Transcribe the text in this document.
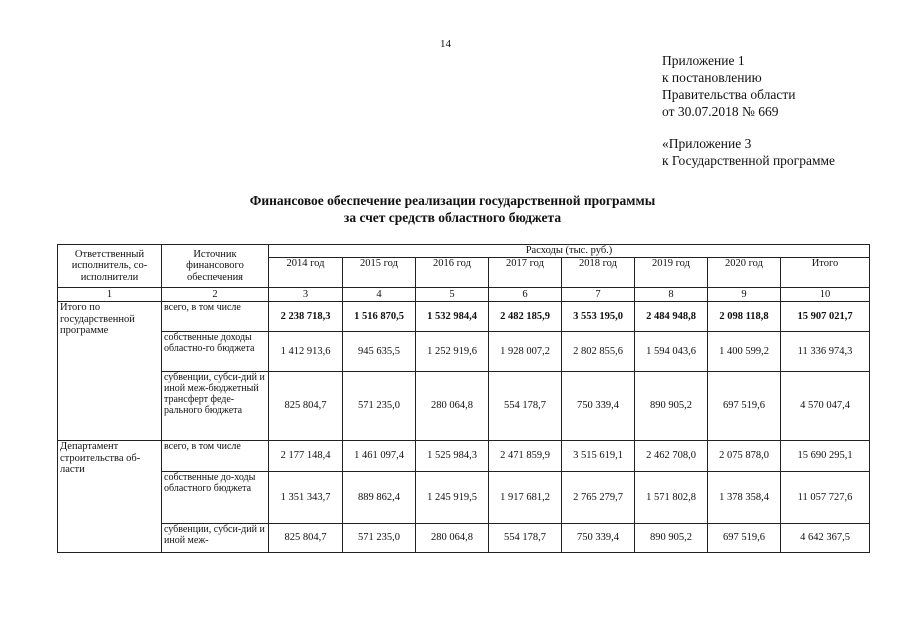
14
Приложение 1
к постановлению
Правительства области
от 30.07.2018 № 669
«Приложение 3
к Государственной программе
Финансовое обеспечение реализации государственной программы
за счет средств областного бюджета
Ответственный исполнитель, со-исполнители	Источник финансового обеспечения	Расходы (тыс. руб.)							
		2014 год	2015 год	2016 год	2017 год	2018 год	2019 год	2020 год	Итого
1	2	3	4	5	6	7	8	9	10
Итого по государственной программе	всего, в том числе	2 238 718,3	1 516 870,5	1 532 984,4	2 482 185,9	3 553 195,0	2 484 948,8	2 098 118,8	15 907 021,7
	собственные доходы областно-го бюджета	1 412 913,6	945 635,5	1 252 919,6	1 928 007,2	2 802 855,6	1 594 043,6	1 400 599,2	11 336 974,3
	субвенции, субси-дий и иной меж-бюджетный трансферт феде-рального бюджета	825 804,7	571 235,0	280 064,8	554 178,7	750 339,4	890 905,2	697 519,6	4 570 047,4
Департамент строительства об-ласти	всего, в том числе	2 177 148,4	1 461 097,4	1 525 984,3	2 471 859,9	3 515 619,1	2 462 708,0	2 075 878,0	15 690 295,1
	собственные до-ходы областного бюджета	1 351 343,7	889 862,4	1 245 919,5	1 917 681,2	2 765 279,7	1 571 802,8	1 378 358,4	11 057 727,6
	субвенции, субси-дий и иной меж-	825 804,7	571 235,0	280 064,8	554 178,7	750 339,4	890 905,2	697 519,6	4 642 367,5
